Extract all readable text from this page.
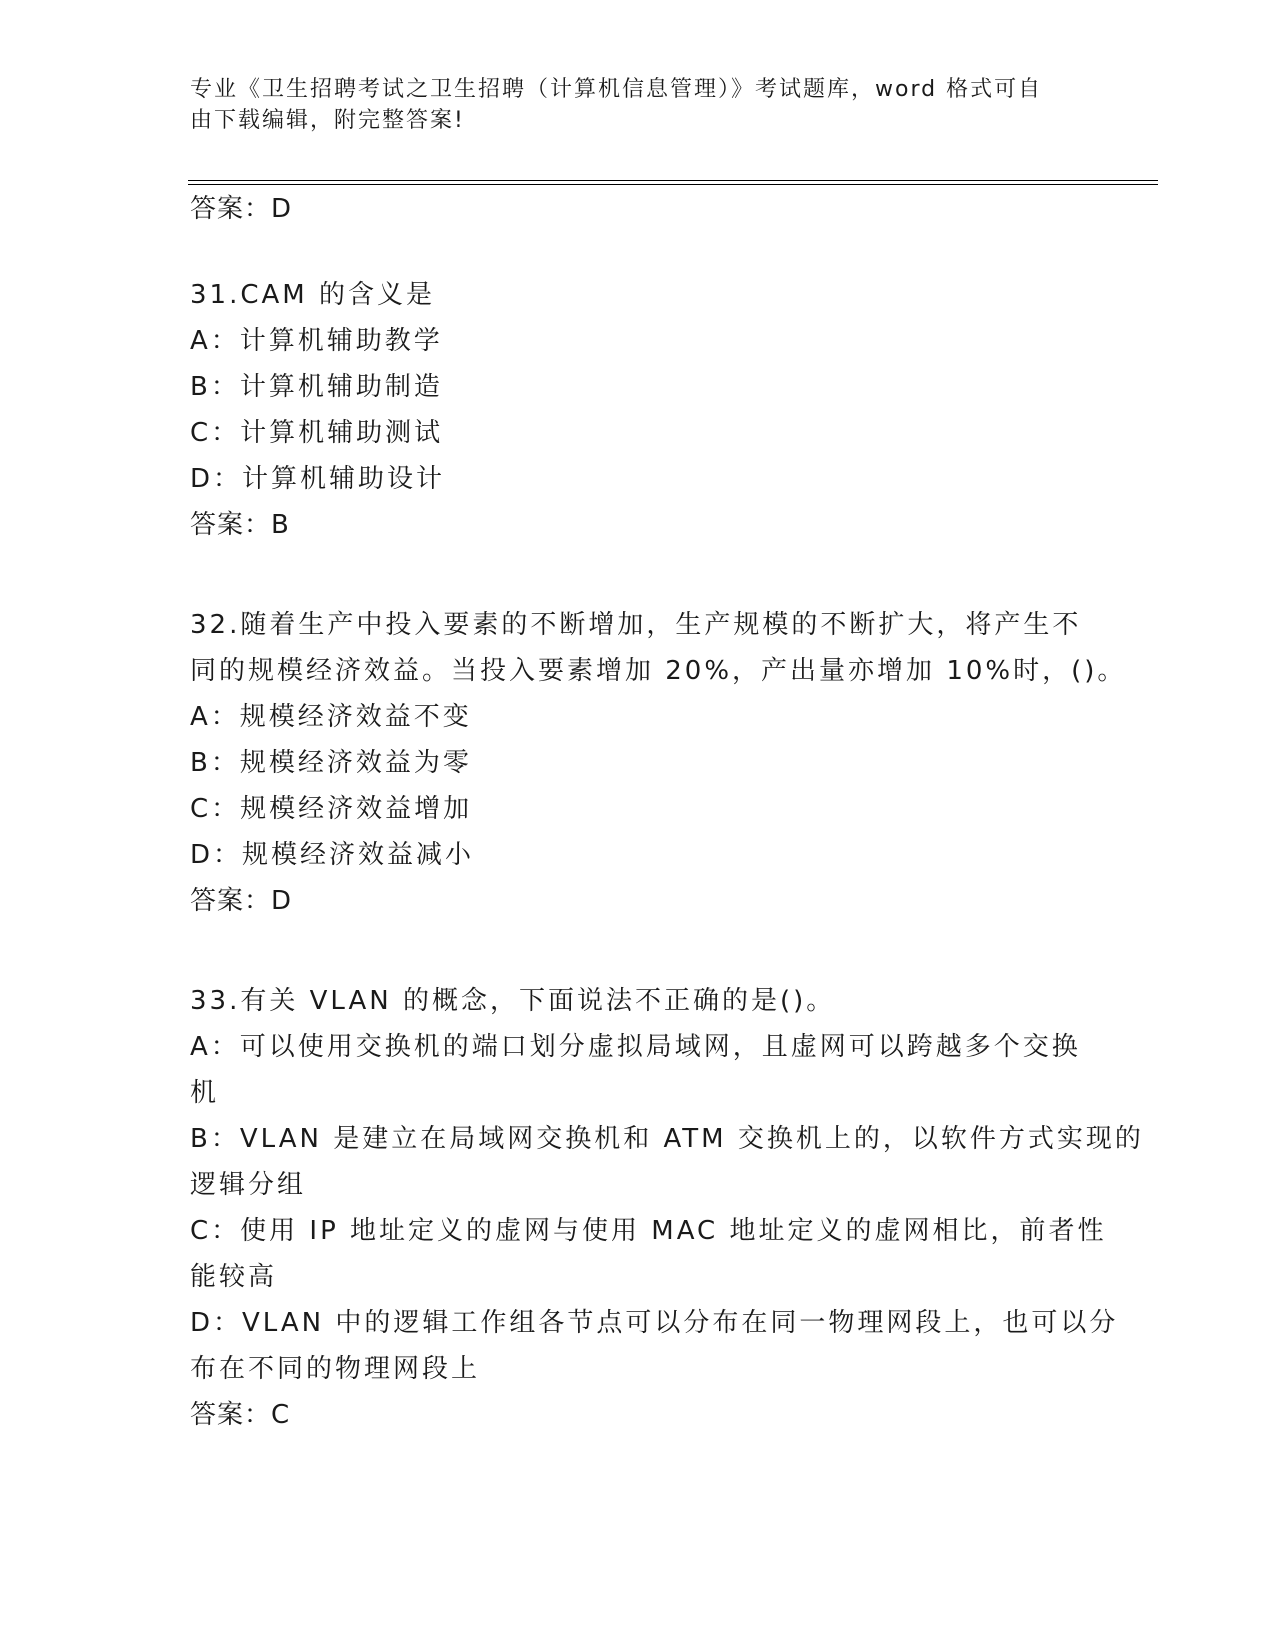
专业《卫生招聘考试之卫生招聘（计算机信息管理）》考试题库，word 格式可自
由下载编辑，附完整答案!
答案：D
31.CAM 的含义是
A：计算机辅助教学
B：计算机辅助制造
C：计算机辅助测试
D：计算机辅助设计
答案：B
32.随着生产中投入要素的不断增加，生产规模的不断扩大，将产生不
同的规模经济效益。当投入要素增加 20%，产出量亦增加 10%时，()。
A：规模经济效益不变
B：规模经济效益为零
C：规模经济效益增加
D：规模经济效益减小
答案：D
33.有关 VLAN 的概念，下面说法不正确的是()。
A：可以使用交换机的端口划分虚拟局域网，且虚网可以跨越多个交换
机
B：VLAN 是建立在局域网交换机和 ATM 交换机上的，以软件方式实现的
逻辑分组
C：使用 IP 地址定义的虚网与使用 MAC 地址定义的虚网相比，前者性
能较高
D：VLAN 中的逻辑工作组各节点可以分布在同一物理网段上，也可以分
布在不同的物理网段上
答案：C
